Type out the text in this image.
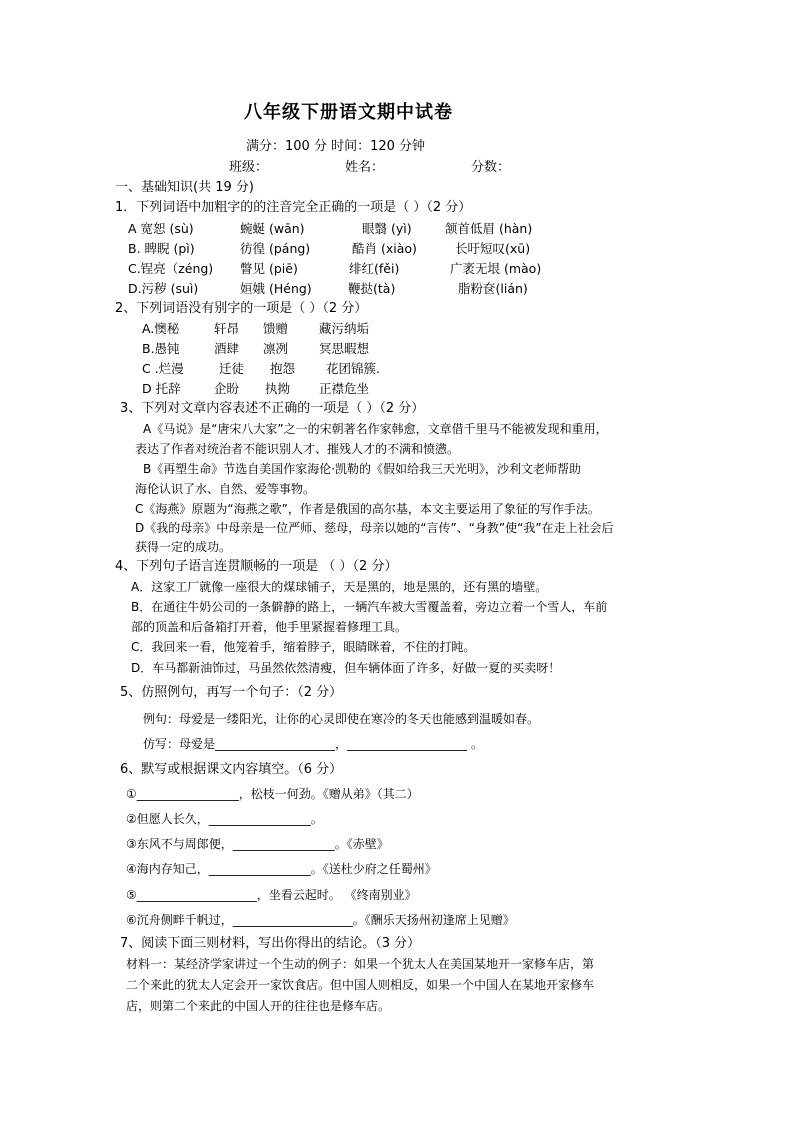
八年级下册语文期中试卷
满分：100 分 时间：120 分钟
班级：	姓名：	分数：
一、基础知识(共 19 分)
1．下列词语中加粗字的的注音完全正确的一项是（ ）（2 分）
A 宽恕 (sù)	蜿蜒 (wān)	眼翳 (yì)	颔首低眉 (hàn)
B. 睥睨 (pì)	彷徨 (páng)	酷肖 (xiào)	长吁短叹(xū)
C.锃亮（zéng) 瞥见 (piē)	绯红(fěi)	广袤无垠 (mào)
D.污秽 (suì)	姮娥 (Héng)	鞭挞(tà)	脂粉奁(lián)
2、下列词语没有别字的一项是（ ）（2 分）
A.懊秘	轩昂 馈赠 藏污纳垢
B.愚钝	酒肆 凛冽 冥思暇想
C .烂漫	迁徒 抱怨 花团锦簇.
D 托辞	企盼 执拗 正襟危坐
3、下列对文章内容表述不正确的一项是（ ）（2 分）
A《马说》是“唐宋八大家”之一的宋朝著名作家韩愈，文章借千里马不能被发现和重用，
表达了作者对统治者不能识别人才、摧残人才的不满和愤懑。
B《再塑生命》节选自美国作家海伦·凯勒的《假如给我三天光明》，沙利文老师帮助
海伦认识了水、自然、爱等事物。
C《海燕》原题为“海燕之歌”，作者是俄国的高尔基，本文主要运用了象征的写作手法。
D《我的母亲》中母亲是一位严师、慈母，母亲以她的“言传”、“身教”使“我”在走上社会后
获得一定的成功。
4、下列句子语言连贯顺畅的一项是 （ ）（2 分）
A．这家工厂就像一座很大的煤球铺子，天是黑的，地是黑的，还有黑的墙壁。
B．在通往牛奶公司的一条僻静的路上，一辆汽车被大雪覆盖着，旁边立着一个雪人，车前
部的顶盖和后备箱打开着，他手里紧握着修理工具。
C．我回来一看，他笼着手，缩着脖子，眼睛眯着，不住的打盹。
D．车马都新油饰过，马虽然依然清瘦，但车辆体面了许多，好做一夏的买卖呀！
5、仿照例句，再写一个句子：（2 分）
例句：母爱是一缕阳光，让你的心灵即使在寒冷的冬天也能感到温暖如春。
仿写：母爱是____________________，____________________ 。
6、默写或根据课文内容填空。（6 分）
①_________________，松枝一何劲。《赠从弟》（其二）
②但愿人长久，_________________。
③东风不与周郎便，_________________。《赤壁》
④海内存知己，_________________。《送杜少府之任蜀州》
⑤____________________，坐看云起时。 《终南别业》
⑥沉舟侧畔千帆过，____________________。《酬乐天扬州初逢席上见赠》
7、阅读下面三则材料，写出你得出的结论。（3 分）
材料一：某经济学家讲过一个生动的例子：如果一个犹太人在美国某地开一家修车店，第
二个来此的犹太人定会开一家饮食店。但中国人则相反，如果一个中国人在某地开家修车
店，则第二个来此的中国人开的往往也是修车店。
